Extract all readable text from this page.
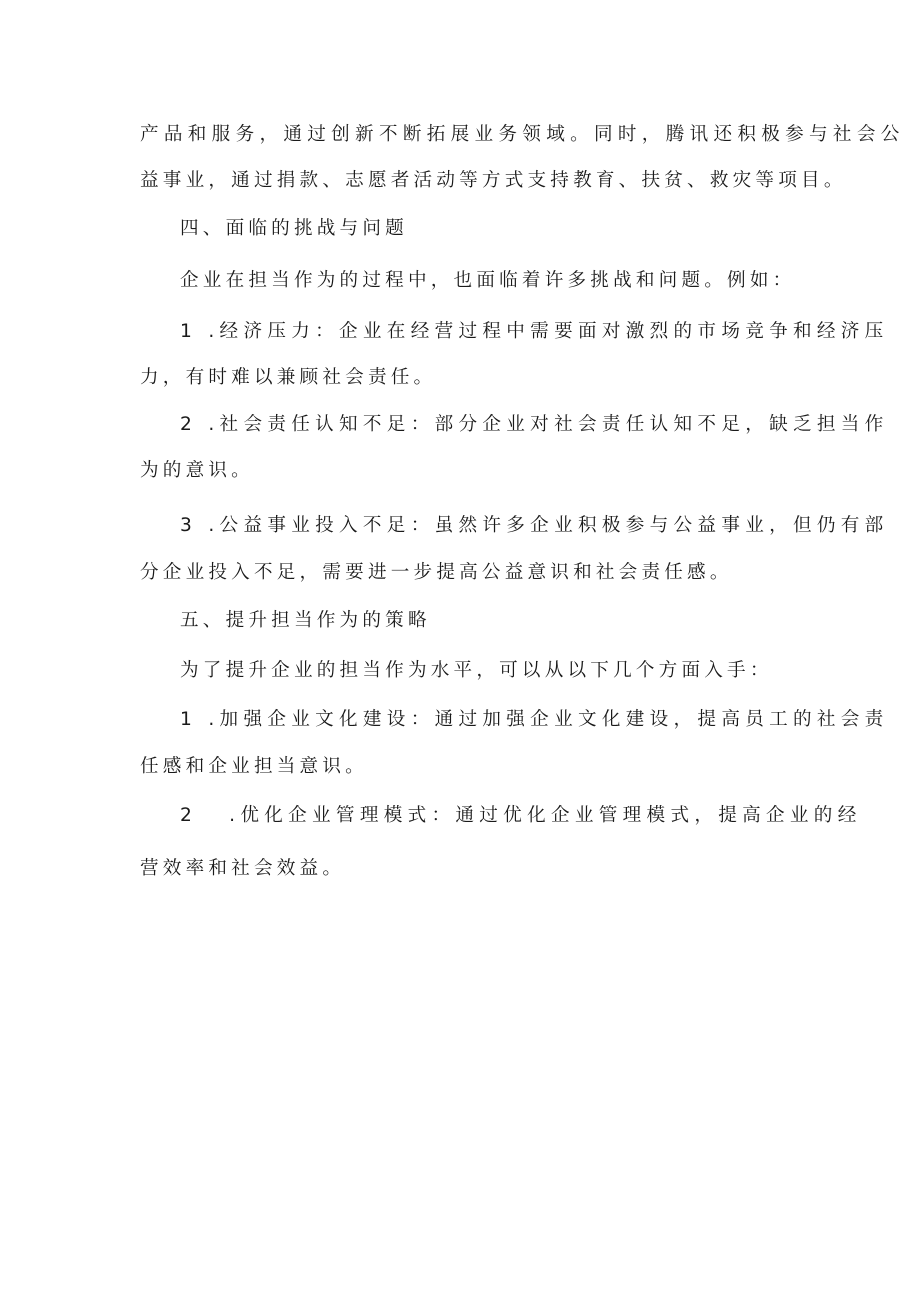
产品和服务，通过创新不断拓展业务领域。同时，腾讯还积极参与社会公
益事业，通过捐款、志愿者活动等方式支持教育、扶贫、救灾等项目。
四、面临的挑战与问题
企业在担当作为的过程中，也面临着许多挑战和问题。例如：
1 .经济压力：企业在经营过程中需要面对激烈的市场竞争和经济压
力，有时难以兼顾社会责任。
2 .社会责任认知不足：部分企业对社会责任认知不足，缺乏担当作
为的意识。
3 .公益事业投入不足：虽然许多企业积极参与公益事业，但仍有部
分企业投入不足，需要进一步提高公益意识和社会责任感。
五、提升担当作为的策略
为了提升企业的担当作为水平，可以从以下几个方面入手：
1 .加强企业文化建设：通过加强企业文化建设，提高员工的社会责
任感和企业担当意识。
2 .优化企业管理模式：通过优化企业管理模式，提高企业的经
营效率和社会效益。
